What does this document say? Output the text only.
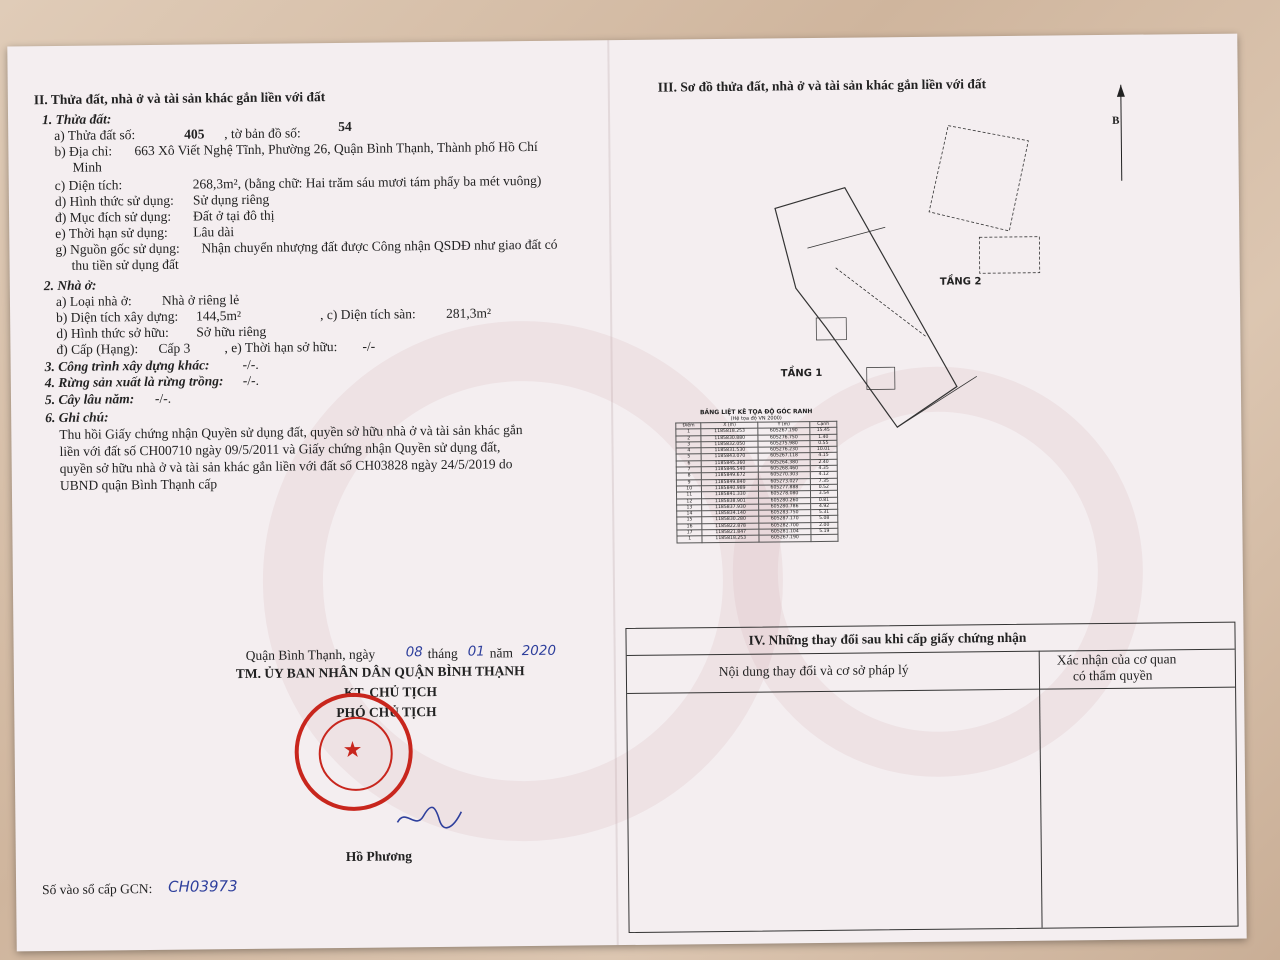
II. Thửa đất, nhà ở và tài sản khác gắn liền với đất
1. Thửa đất:
a) Thửa đất số:	405 , tờ bản đồ số:	54
b) Địa chỉ: 663 Xô Viết Nghệ Tĩnh, Phường 26, Quận Bình Thạnh, Thành phố Hồ Chí
Minh
c) Diện tích:	268,3m², (bằng chữ: Hai trăm sáu mươi tám phẩy ba mét vuông)
d) Hình thức sử dụng: Sử dụng riêng
đ) Mục đích sử dụng: Đất ở tại đô thị
e) Thời hạn sử dụng: Lâu dài
g) Nguồn gốc sử dụng: Nhận chuyển nhượng đất được Công nhận QSDĐ như giao đất có
thu tiền sử dụng đất
2. Nhà ở:
a) Loại nhà ở: Nhà ở riêng lẻ
b) Diện tích xây dựng: 144,5m²	, c) Diện tích sàn: 281,3m²
d) Hình thức sở hữu: Sở hữu riêng
đ) Cấp (Hạng): Cấp 3	, e) Thời hạn sở hữu: -/-
3. Công trình xây dựng khác: -/-.
4. Rừng sản xuất là rừng trồng: -/-.
5. Cây lâu năm: -/-.
6. Ghi chú:
Thu hồi Giấy chứng nhận Quyền sử dụng đất, quyền sở hữu nhà ở và tài sản khác gắn
liền với đất số CH00710 ngày 09/5/2011 và Giấy chứng nhận Quyền sử dụng đất,
quyền sở hữu nhà ở và tài sản khác gắn liền với đất số CH03828 ngày 24/5/2019 do
UBND quận Bình Thạnh cấp
Quận Bình Thạnh, ngày 08 tháng 01 năm 2020
TM. ỦY BAN NHÂN DÂN QUẬN BÌNH THẠNH
KT. CHỦ TỊCH
PHÓ CHỦ TỊCH
★
Hồ Phương
Số vào sổ cấp GCN: CH03973
III. Sơ đồ thửa đất, nhà ở và tài sản khác gắn liền với đất
B
TẦNG 2
TẦNG 1
BẢNG LIỆT KÊ TỌA ĐỘ GÓC RANH
(Hệ tọa độ VN 2000)
Điểm	X (m)	Y (m)	Cạnh
1	1185818.253	605267.190	15.45
2	1185830.880	605276.750	1.40
3	1185832.050	605275.980	0.55
4	1185831.530	605276.230	10.01
5	1185843.070	605267.118	4.15
6	1185845.360	605264.380	2.40
7	1185846.540	605268.460	4.35
8	1185849.672	605270.303	4.12
9	1185849.840	605273.027	7.35
10	1185840.989	605277.888	0.52
11	1185841.330	605278.080	3.54
12	1185838.901	605280.260	0.81
13	1185837.930	605280.786	4.92
14	1185834.140	605283.750	5.31
15	1185830.280	605287.170	5.08
16	1185822.878	605282.700	2.00
17	1185821.847	605281.104	5.19
1	1185818.253	605267.190	
IV. Những thay đổi sau khi cấp giấy chứng nhận
Nội dung thay đổi và cơ sở pháp lý
Xác nhận của cơ quan
có thẩm quyền
